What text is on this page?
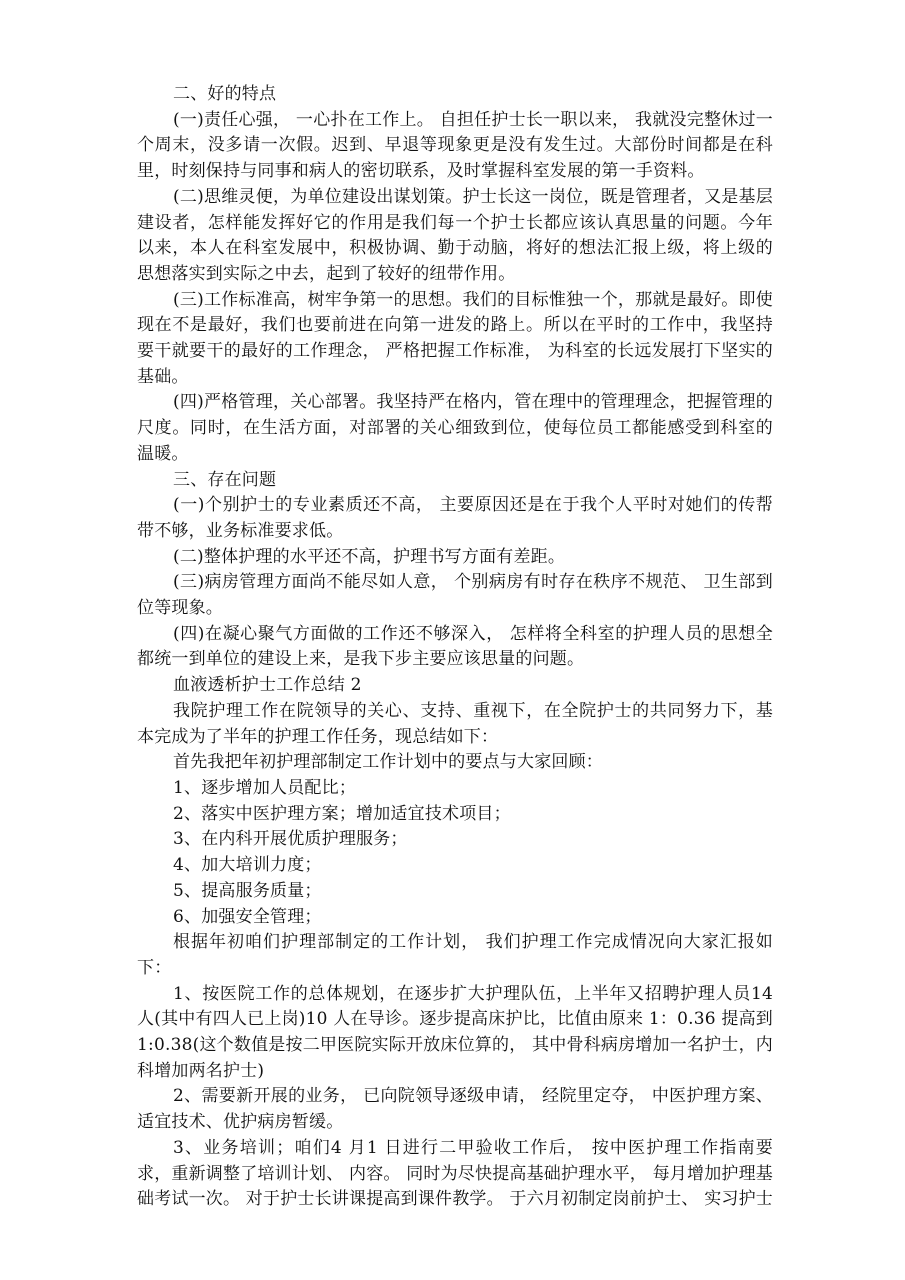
二、好的特点

(一)责任心强， 一心扑在工作上。 自担任护士长一职以来， 我就没完整休过一个周末，没多请一次假。迟到、早退等现象更是没有发生过。大部份时间都是在科里，时刻保持与同事和病人的密切联系，及时掌握科室发展的第一手资料。

(二)思维灵便，为单位建设出谋划策。护士长这一岗位，既是管理者，又是基层建设者，怎样能发挥好它的作用是我们每一个护士长都应该认真思量的问题。今年以来，本人在科室发展中，积极协调、勤于动脑，将好的想法汇报上级，将上级的思想落实到实际之中去，起到了较好的纽带作用。

(三)工作标准高，树牢争第一的思想。我们的目标惟独一个，那就是最好。即使现在不是最好，我们也要前进在向第一进发的路上。所以在平时的工作中，我坚持要干就要干的最好的工作理念， 严格把握工作标准， 为科室的长远发展打下坚实的基础。

(四)严格管理，关心部署。我坚持严在格内，管在理中的管理理念，把握管理的尺度。同时，在生活方面，对部署的关心细致到位，使每位员工都能感受到科室的温暖。

三、存在问题

(一)个别护士的专业素质还不高， 主要原因还是在于我个人平时对她们的传帮带不够，业务标准要求低。

(二)整体护理的水平还不高，护理书写方面有差距。

(三)病房管理方面尚不能尽如人意， 个别病房有时存在秩序不规范、 卫生部到位等现象。

(四)在凝心聚气方面做的工作还不够深入， 怎样将全科室的护理人员的思想全都统一到单位的建设上来，是我下步主要应该思量的问题。

血液透析护士工作总结 2

我院护理工作在院领导的关心、支持、重视下，在全院护士的共同努力下，基本完成为了半年的护理工作任务，现总结如下：

首先我把年初护理部制定工作计划中的要点与大家回顾：

1、逐步增加人员配比；

2、落实中医护理方案；增加适宜技术项目；

3、在内科开展优质护理服务；

4、加大培训力度；

5、提高服务质量；

6、加强安全管理；

根据年初咱们护理部制定的工作计划， 我们护理工作完成情况向大家汇报如下：

1、按医院工作的总体规划，在逐步扩大护理队伍，上半年又招聘护理人员14 人(其中有四人已上岗)10 人在导诊。逐步提高床护比，比值由原来 1：0.36 提高到 1:0.38(这个数值是按二甲医院实际开放床位算的， 其中骨科病房增加一名护士，内科增加两名护士)

2、需要新开展的业务， 已向院领导逐级申请， 经院里定夺， 中医护理方案、适宜技术、优护病房暂缓。

3、业务培训；咱们4 月1 日进行二甲验收工作后， 按中医护理工作指南要求，重新调整了培训计划、 内容。 同时为尽快提高基础护理水平， 每月增加护理基础考试一次。 对于护士长讲课提高到课件教学。 于六月初制定岗前护士、 实习护士
